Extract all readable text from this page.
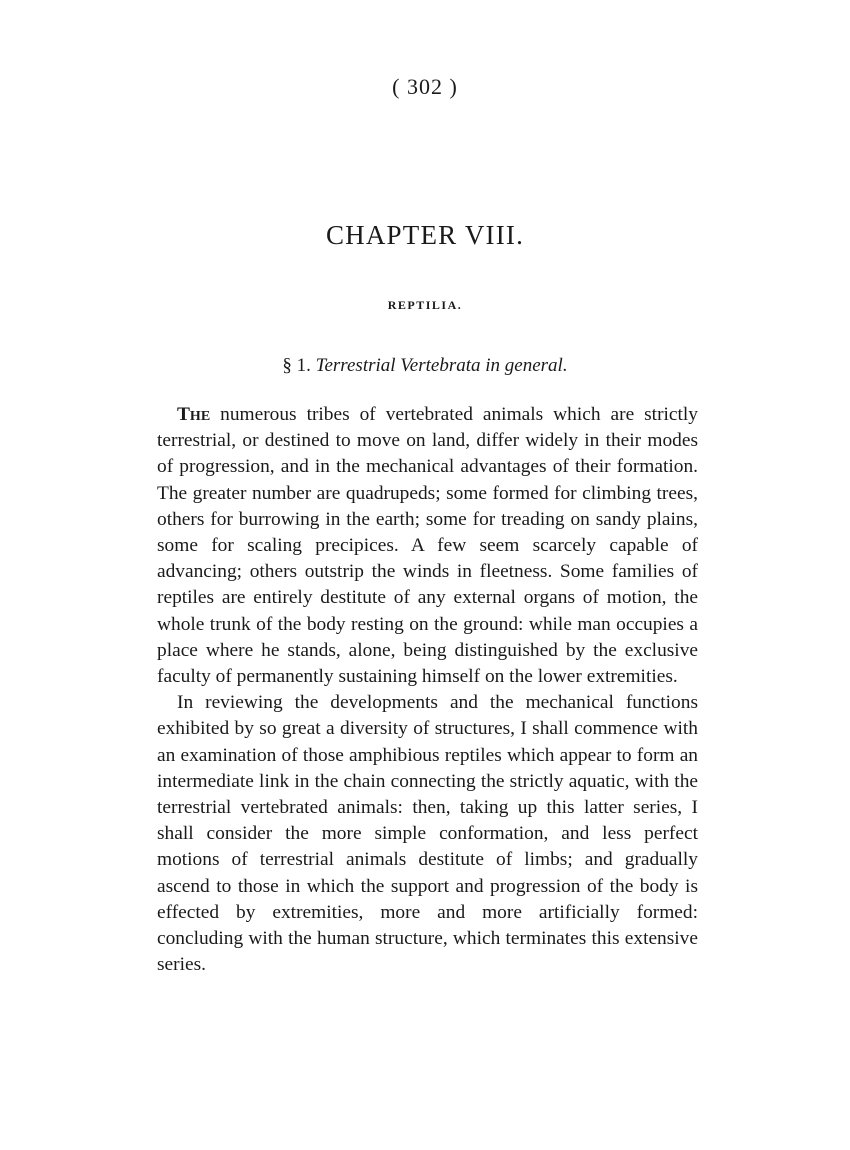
( 302 )
CHAPTER VIII.
REPTILIA.
§ 1. Terrestrial Vertebrata in general.

The numerous tribes of vertebrated animals which are strictly terrestrial, or destined to move on land, differ widely in their modes of progression, and in the mechanical advantages of their formation. The greater number are quadrupeds; some formed for climbing trees, others for burrowing in the earth; some for treading on sandy plains, some for scaling precipices. A few seem scarcely capable of advancing; others outstrip the winds in fleetness. Some families of reptiles are entirely destitute of any external organs of motion, the whole trunk of the body resting on the ground: while man occupies a place where he stands, alone, being distinguished by the exclusive faculty of permanently sustaining himself on the lower extremities.

In reviewing the developments and the mechanical functions exhibited by so great a diversity of structures, I shall commence with an examination of those amphibious reptiles which appear to form an intermediate link in the chain connecting the strictly aquatic, with the terrestrial vertebrated animals: then, taking up this latter series, I shall consider the more simple conformation, and less perfect motions of terrestrial animals destitute of limbs; and gradually ascend to those in which the support and progression of the body is effected by extremities, more and more artificially formed: concluding with the human structure, which terminates this extensive series.
